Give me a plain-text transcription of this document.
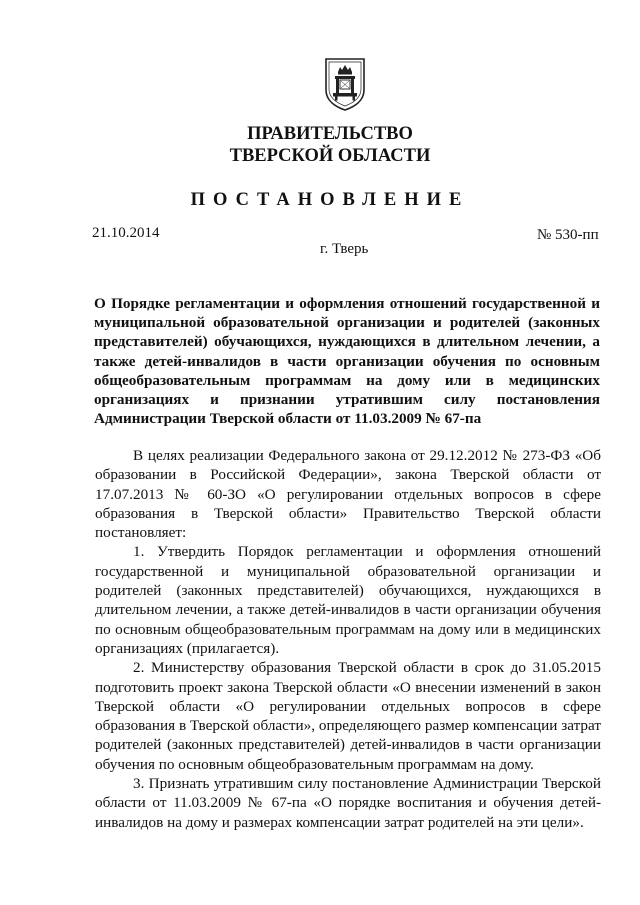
ПРАВИТЕЛЬСТВО
ТВЕРСКОЙ ОБЛАСТИ
ПОСТАНОВЛЕНИЕ
21.10.2014	№ 530-пп
г. Тверь
О Порядке регламентации и оформления отношений государственной и муниципальной образовательной организации и родителей (законных представителей) обучающихся, нуждающихся в длительном лечении, а также детей-инвалидов в части организации обучения по основным общеобразовательным программам на дому или в медицинских организациях и признании утратившим силу постановления Администрации Тверской области от 11.03.2009 № 67-па

В целях реализации Федерального закона от 29.12.2012 № 273-ФЗ «Об образовании в Российской Федерации», закона Тверской области от 17.07.2013 № 60-ЗО «О регулировании отдельных вопросов в сфере образования в Тверской области» Правительство Тверской области постановляет:

1. Утвердить Порядок регламентации и оформления отношений государственной и муниципальной образовательной организации и родителей (законных представителей) обучающихся, нуждающихся в длительном лечении, а также детей-инвалидов в части организации обучения по основным общеобразовательным программам на дому или в медицинских организациях (прилагается).

2. Министерству образования Тверской области в срок до 31.05.2015 подготовить проект закона Тверской области «О внесении изменений в закон Тверской области «О регулировании отдельных вопросов в сфере образования в Тверской области», определяющего размер компенсации затрат родителей (законных представителей) детей-инвалидов в части организации обучения по основным общеобразовательным программам на дому.

3. Признать утратившим силу постановление Администрации Тверской области от 11.03.2009 № 67-па «О порядке воспитания и обучения детей-инвалидов на дому и размерах компенсации затрат родителей на эти цели».
